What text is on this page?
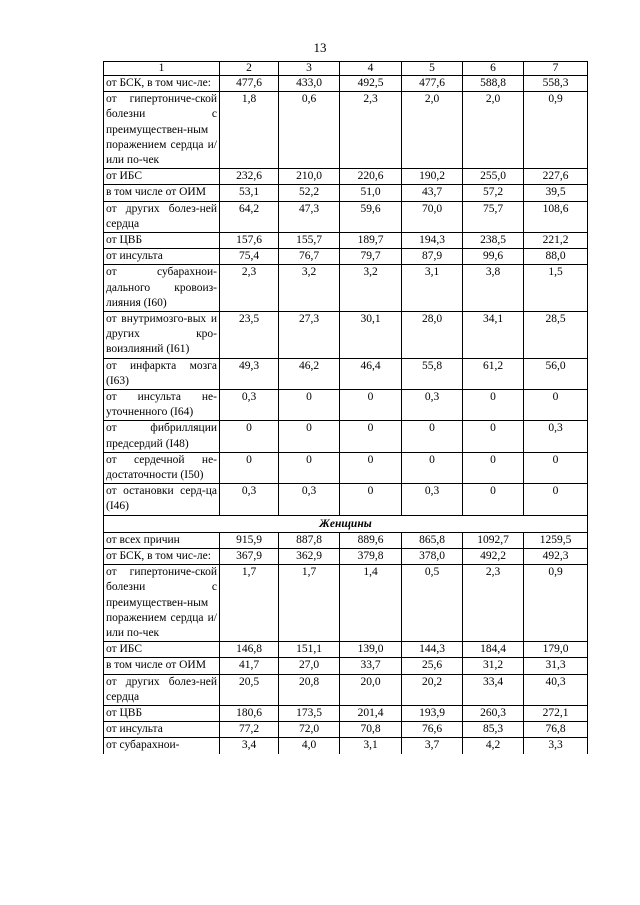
13
1	2	3	4	5	6	7
от БСК, в том чис-ле:	477,6	433,0	492,5	477,6	588,8	558,3
от гипертониче-ской болезни с преимуществен-ным поражением сердца и/или по-чек	1,8	0,6	2,3	2,0	2,0	0,9
от ИБС	232,6	210,0	220,6	190,2	255,0	227,6
в том числе от ОИМ	53,1	52,2	51,0	43,7	57,2	39,5
от других болез-ней сердца	64,2	47,3	59,6	70,0	75,7	108,6
от ЦВБ	157,6	155,7	189,7	194,3	238,5	221,2
от инсульта	75,4	76,7	79,7	87,9	99,6	88,0
от субарахнои-дального кровоиз-лияния (I60)	2,3	3,2	3,2	3,1	3,8	1,5
от внутримозго-вых и других кро-воизлияний (I61)	23,5	27,3	30,1	28,0	34,1	28,5
от инфаркта мозга (I63)	49,3	46,2	46,4	55,8	61,2	56,0
от инсульта не-уточненного (I64)	0,3	0	0	0,3	0	0
от фибрилляции предсердий (I48)	0	0	0	0	0	0,3
от сердечной не-достаточности (I50)	0	0	0	0	0	0
от остановки серд-ца (I46)	0,3	0,3	0	0,3	0	0
Женщины						
от всех причин	915,9	887,8	889,6	865,8	1092,7	1259,5
от БСК, в том чис-ле:	367,9	362,9	379,8	378,0	492,2	492,3
от гипертониче-ской болезни с преимуществен-ным поражением сердца и/или по-чек	1,7	1,7	1,4	0,5	2,3	0,9
от ИБС	146,8	151,1	139,0	144,3	184,4	179,0
в том числе от ОИМ	41,7	27,0	33,7	25,6	31,2	31,3
от других болез-ней сердца	20,5	20,8	20,0	20,2	33,4	40,3
от ЦВБ	180,6	173,5	201,4	193,9	260,3	272,1
от инсульта	77,2	72,0	70,8	76,6	85,3	76,8
от субарахнои-	3,4	4,0	3,1	3,7	4,2	3,3
